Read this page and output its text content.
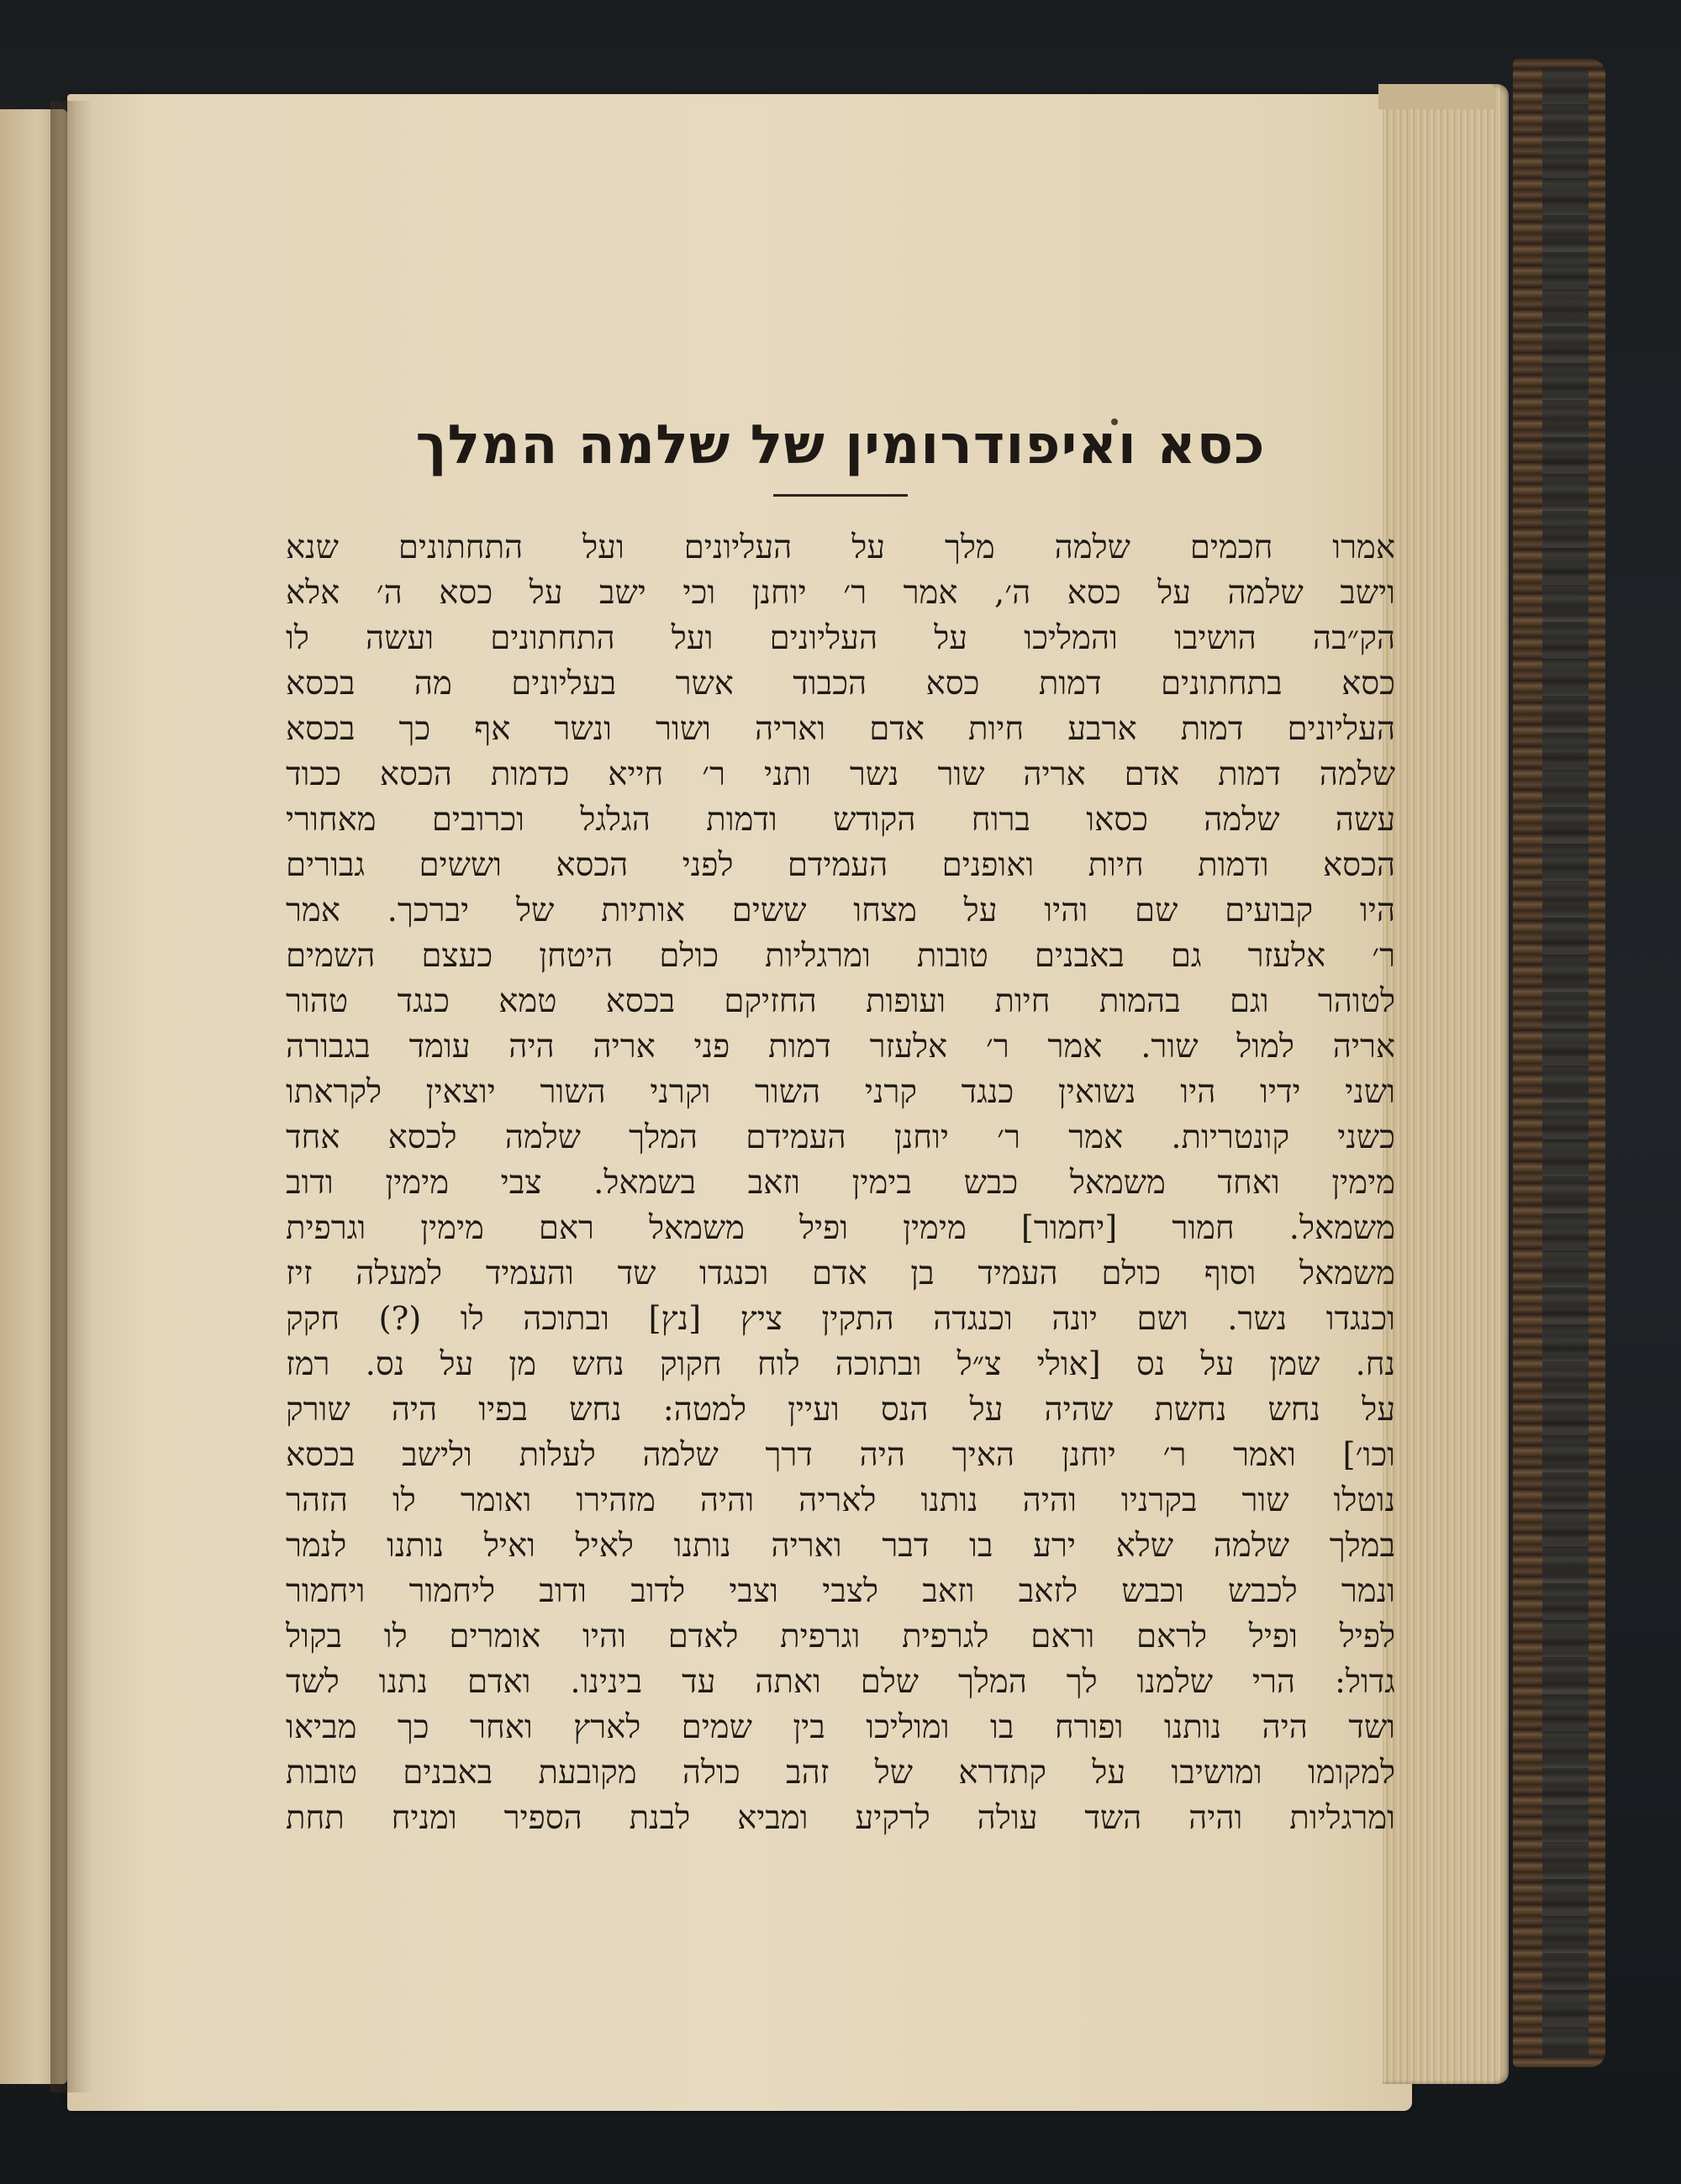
כסא ואיפודרומין של שלמה המלך
אמרו חכמים שלמה מלך על העליונים ועל התחתונים שנא
וישב שלמה על כסא ה׳, אמר ר׳ יוחנן וכי ישב על כסא ה׳ אלא
הק״בה הושיבו והמליכו על העליונים ועל התחתונים ועשה לו
כסא בתחתונים דמות כסא הכבוד אשר בעליונים מה בכסא
העליונים דמות ארבע חיות אדם ואריה ושור ונשר אף כך בכסא
שלמה דמות אדם אריה שור נשר ותני ר׳ חייא כדמות הכסא ככוד
עשה שלמה כסאו ברוח הקודש ודמות הגלגל וכרובים מאחורי
הכסא ודמות חיות ואופנים העמידם לפני הכסא וששים גבורים
היו קבועים שם והיו על מצחו ששים אותיות של יברכך. אמר
ר׳ אלעזר גם באבנים טובות ומרגליות כולם היטחן כעצם השמים
לטוהר וגם בהמות חיות ועופות החזיקם בכסא טמא כנגד טהור
אריה למול שור. אמר ר׳ אלעזר דמות פני אריה היה עומד בגבורה
ושני ידיו היו נשואין כנגד קרני השור וקרני השור יוצאין לקראתו
כשני קונטריות. אמר ר׳ יוחנן העמידם המלך שלמה לכסא אחד
מימין ואחד משמאל כבש בימין וזאב בשמאל. צבי מימין ודוב
משמאל. חמור [יחמור] מימין ופיל משמאל ראם מימין וגרפית
משמאל וסוף כולם העמיד בן אדם וכנגדו שד והעמיד למעלה זיז
וכנגדו נשר. ושם יונה וכנגדה התקין ציץ [נץ] ובתוכה לו (?) חקק
נח. שמן על נס [אולי צ״ל ובתוכה לוח חקוק נחש מן על נס. רמז
על נחש נחשת שהיה על הנס ועיין למטה: נחש בפיו היה שורק
וכו׳] ואמר ר׳ יוחנן האיך היה דרך שלמה לעלות ולישב בכסא
נוטלו שור בקרניו והיה נותנו לאריה והיה מזהירו ואומר לו הזהר
במלך שלמה שלא ירע בו דבר ואריה נותנו לאיל ואיל נותנו לנמר
ונמר לכבש וכבש לזאב וזאב לצבי וצבי לדוב ודוב ליחמור ויחמור
לפיל ופיל לראם וראם לגרפית וגרפית לאדם והיו אומרים לו בקול
גדול: הרי שלמנו לך המלך שלם ואתה עד בינינו. ואדם נתנו לשד
ושד היה נותנו ופורח בו ומוליכו בין שמים לארץ ואחר כך מביאו
למקומו ומושיבו על קתדרא של זהב כולה מקובעת באבנים טובות
ומרגליות והיה השד עולה לרקיע ומביא לבנת הספיר ומניח תחת
